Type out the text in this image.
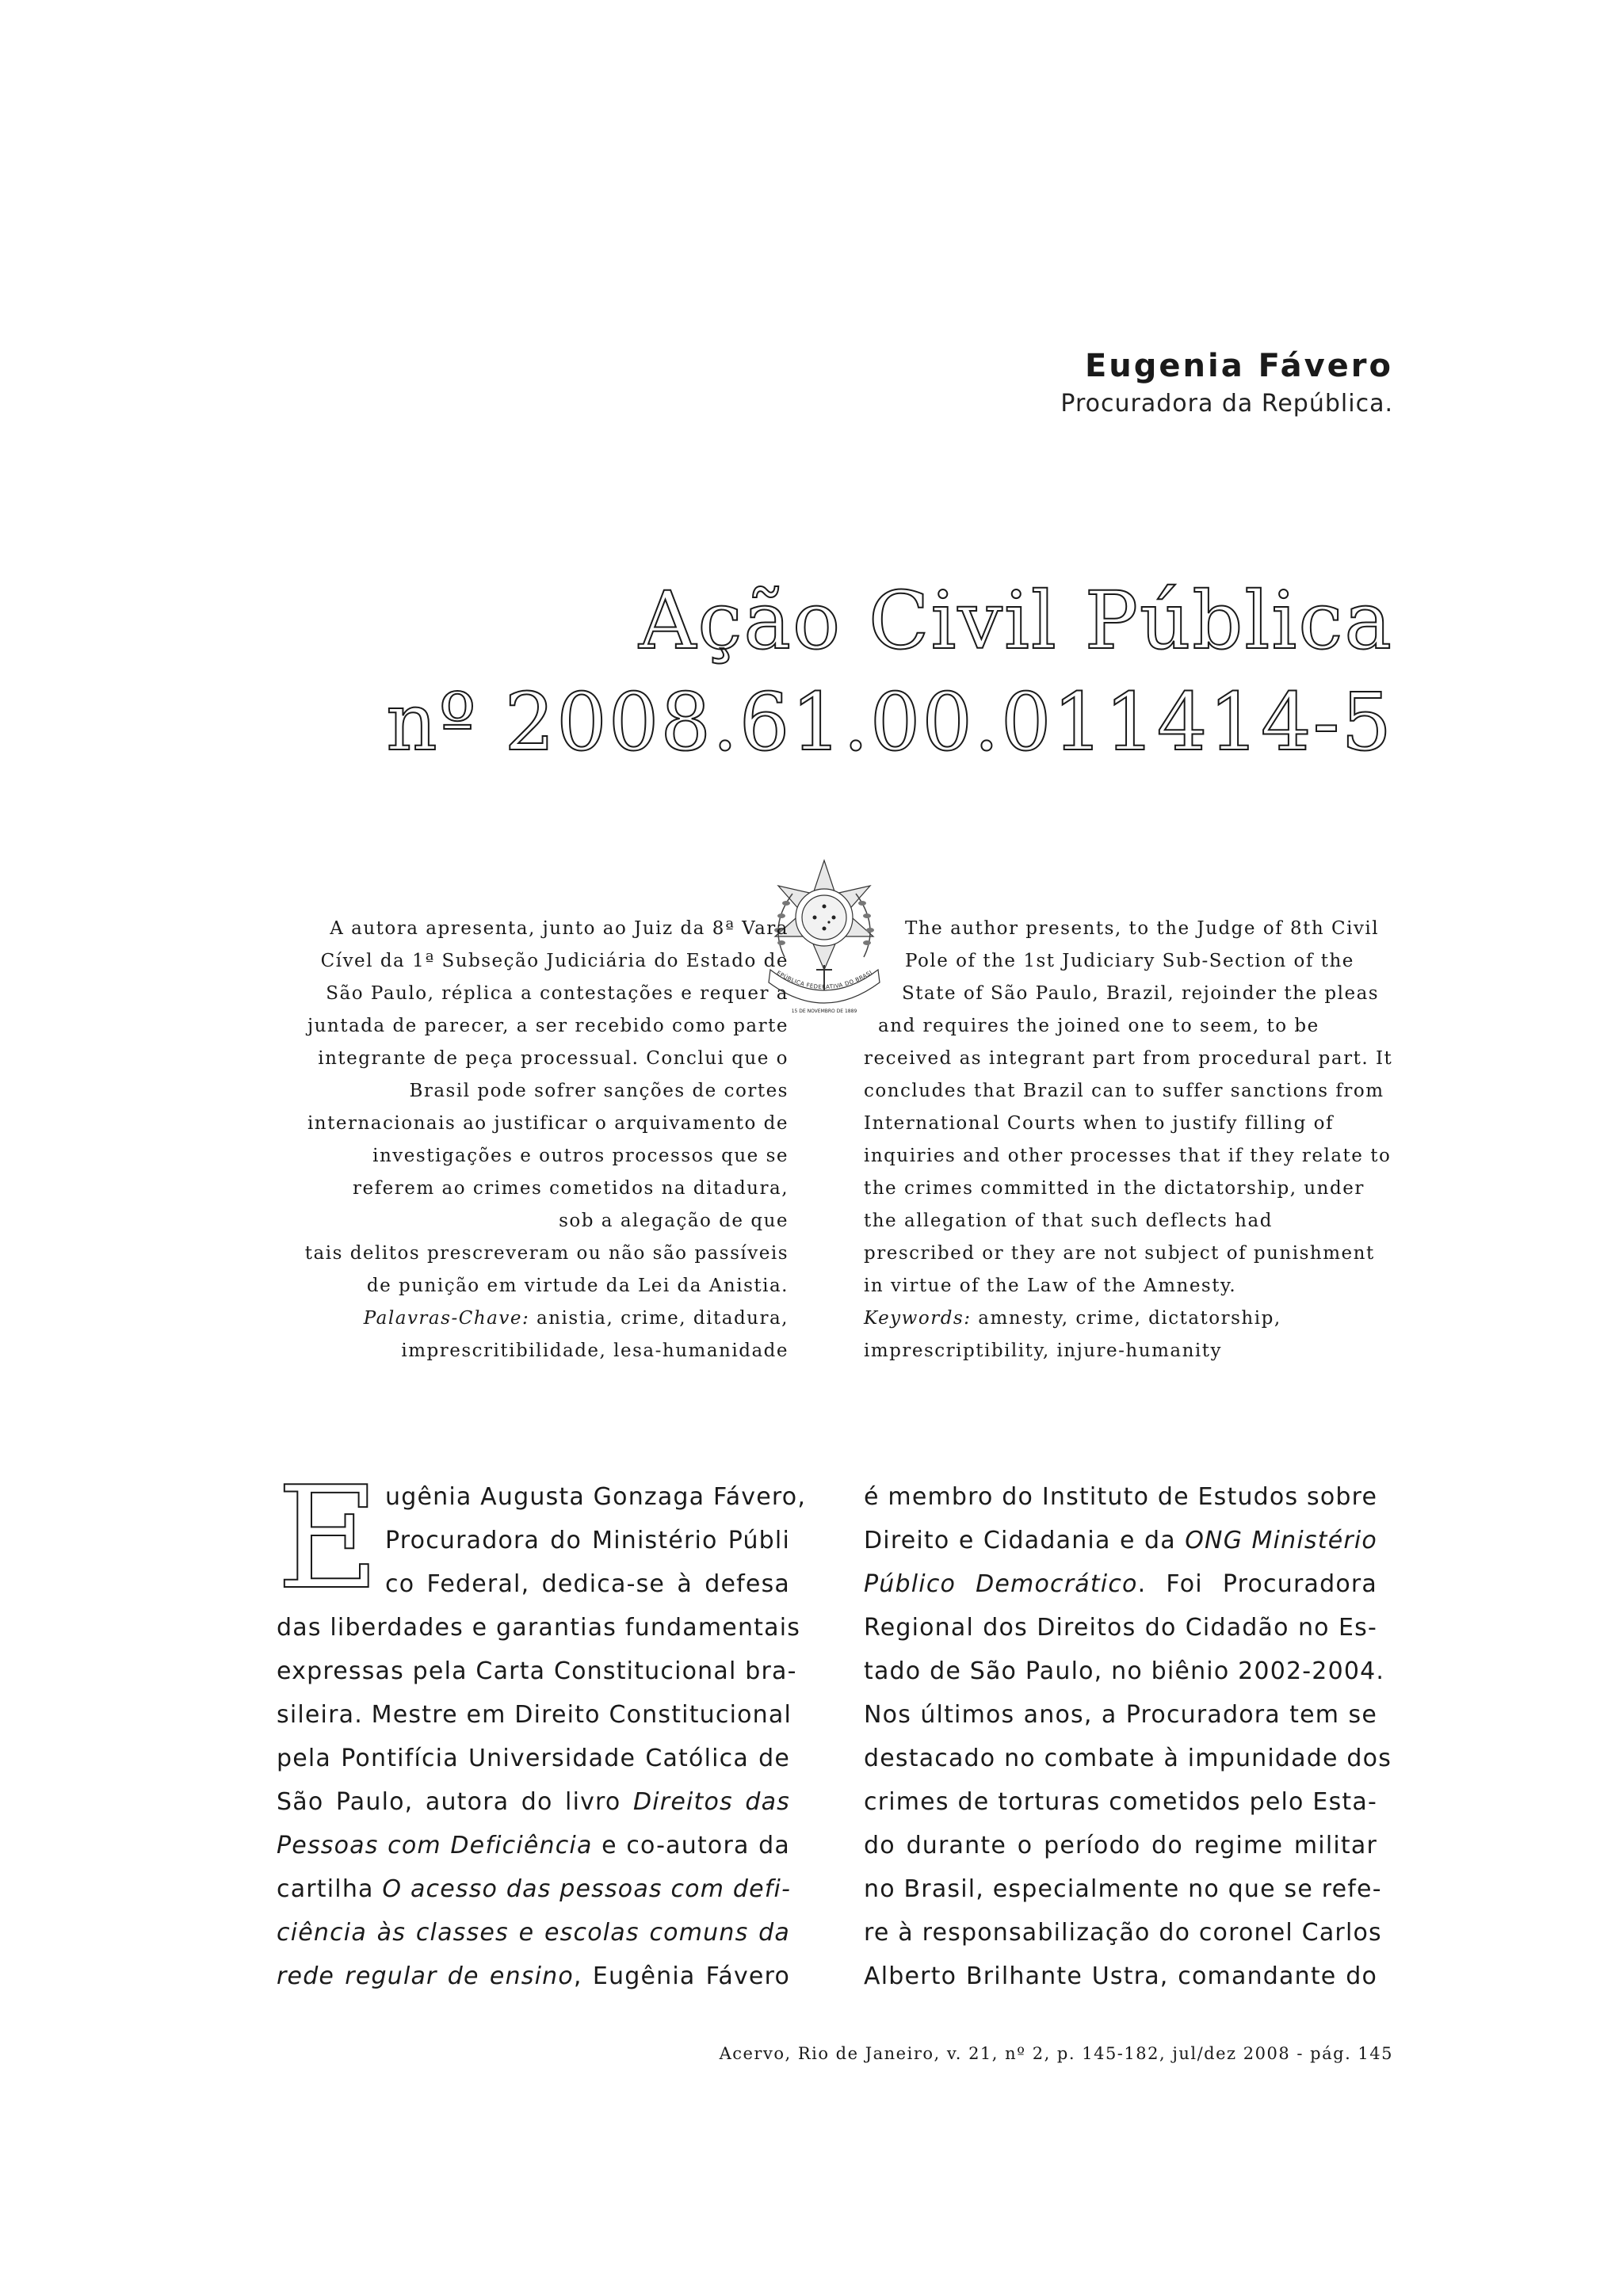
Eugenia Fávero
Procuradora da República.
Ação Civil Pública
nº 2008.61.00.011414-5
EPÚBLICA FEDERATIVA DO BRASI
15 DE NOVEMBRO DE 1889
A autora apresenta, junto ao Juiz da 8ª Vara
Cível da 1ª Subseção Judiciária do Estado de
São Paulo, réplica a contestações e requer a
juntada de parecer, a ser recebido como parte
integrante de peça processual. Conclui que o
Brasil pode sofrer sanções de cortes
internacionais ao justificar o arquivamento de
investigações e outros processos que se
referem ao crimes cometidos na ditadura,
sob a alegação de que
tais delitos prescreveram ou não são passíveis
de punição em virtude da Lei da Anistia.
Palavras-Chave: anistia, crime, ditadura,
imprescritibilidade, lesa-humanidade
The author presents, to the Judge of 8th Civil
Pole of the 1st Judiciary Sub-Section of the
State of São Paulo, Brazil, rejoinder the pleas
and requires the joined one to seem, to be
received as integrant part from procedural part. It
concludes that Brazil can to suffer sanctions from
International Courts when to justify filling of
inquiries and other processes that if they relate to
the crimes committed in the dictatorship, under
the allegation of that such deflects had
prescribed or they are not subject of punishment
in virtue of the Law of the Amnesty.
Keywords: amnesty, crime, dictatorship,
imprescriptibility, injure-humanity
E ugênia Augusta Gonzaga Fávero,
Procuradora do Ministério Públi
co Federal, dedica-se à defesa
das liberdades e garantias fundamentais
expressas pela Carta Constitucional bra-
sileira. Mestre em Direito Constitucional
pela Pontifícia Universidade Católica de
São Paulo, autora do livro Direitos das
Pessoas com Deficiência e co-autora da
cartilha O acesso das pessoas com defi-
ciência às classes e escolas comuns da
rede regular de ensino, Eugênia Fávero
é membro do Instituto de Estudos sobre
Direito e Cidadania e da ONG Ministério
Público Democrático. Foi Procuradora
Regional dos Direitos do Cidadão no Es-
tado de São Paulo, no biênio 2002-2004.
Nos últimos anos, a Procuradora tem se
destacado no combate à impunidade dos
crimes de torturas cometidos pelo Esta-
do durante o período do regime militar
no Brasil, especialmente no que se refe-
re à responsabilização do coronel Carlos
Alberto Brilhante Ustra, comandante do
Acervo, Rio de Janeiro, v. 21, nº 2, p. 145-182, jul/dez 2008 - pág. 145
